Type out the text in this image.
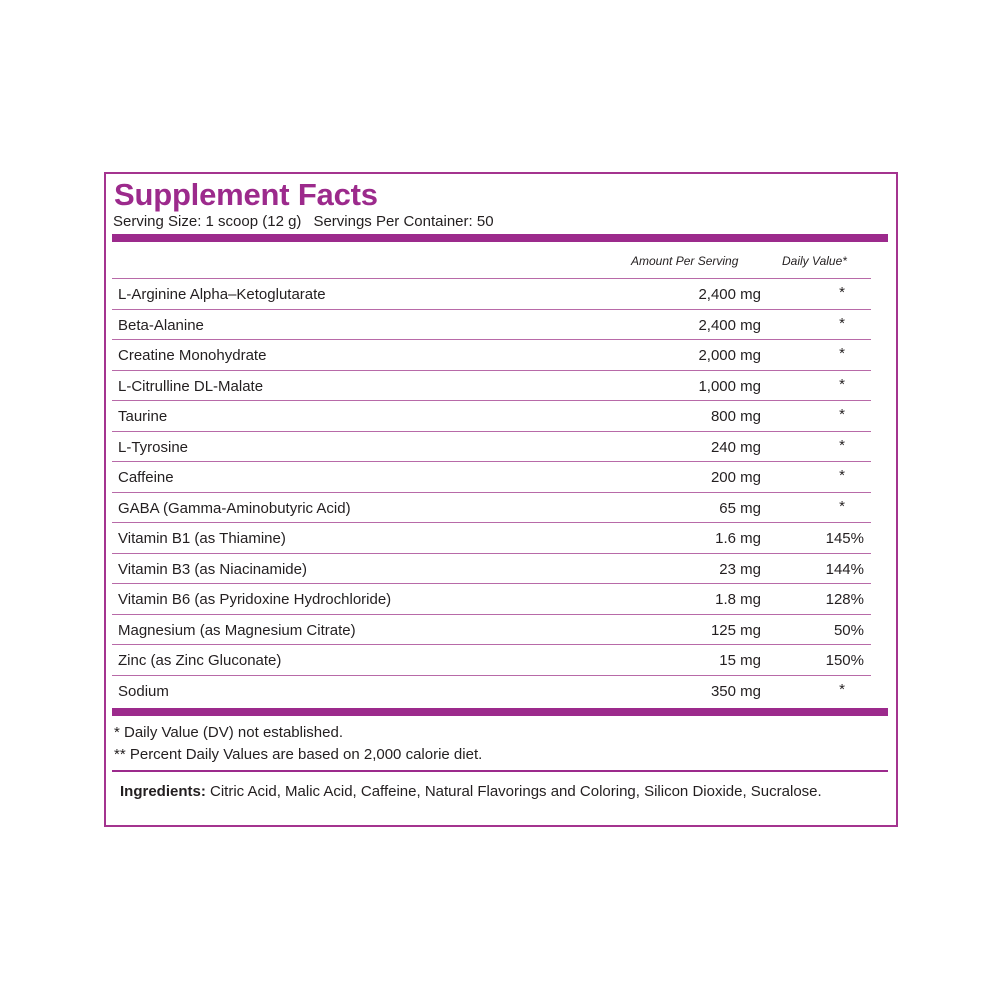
Supplement Facts
Serving Size: 1 scoop (12 g) Servings Per Container: 50
Amount Per Serving	Daily Value*
L-Arginine Alpha–Ketoglutarate	2,400 mg	*
Beta-Alanine	2,400 mg	*
Creatine Monohydrate	2,000 mg	*
L-Citrulline DL-Malate	1,000 mg	*
Taurine	800 mg	*
L-Tyrosine	240 mg	*
Caffeine	200 mg	*
GABA (Gamma-Aminobutyric Acid)	65 mg	*
Vitamin B1 (as Thiamine)	1.6 mg	145%
Vitamin B3 (as Niacinamide)	23 mg	144%
Vitamin B6 (as Pyridoxine Hydrochloride)	1.8 mg	128%
Magnesium (as Magnesium Citrate)	125 mg	50%
Zinc (as Zinc Gluconate)	15 mg	150%
Sodium	350 mg	*
* Daily Value (DV) not established.
** Percent Daily Values are based on 2,000 calorie diet.
Ingredients: Citric Acid, Malic Acid, Caffeine, Natural Flavorings and Coloring, Silicon Dioxide, Sucralose.
